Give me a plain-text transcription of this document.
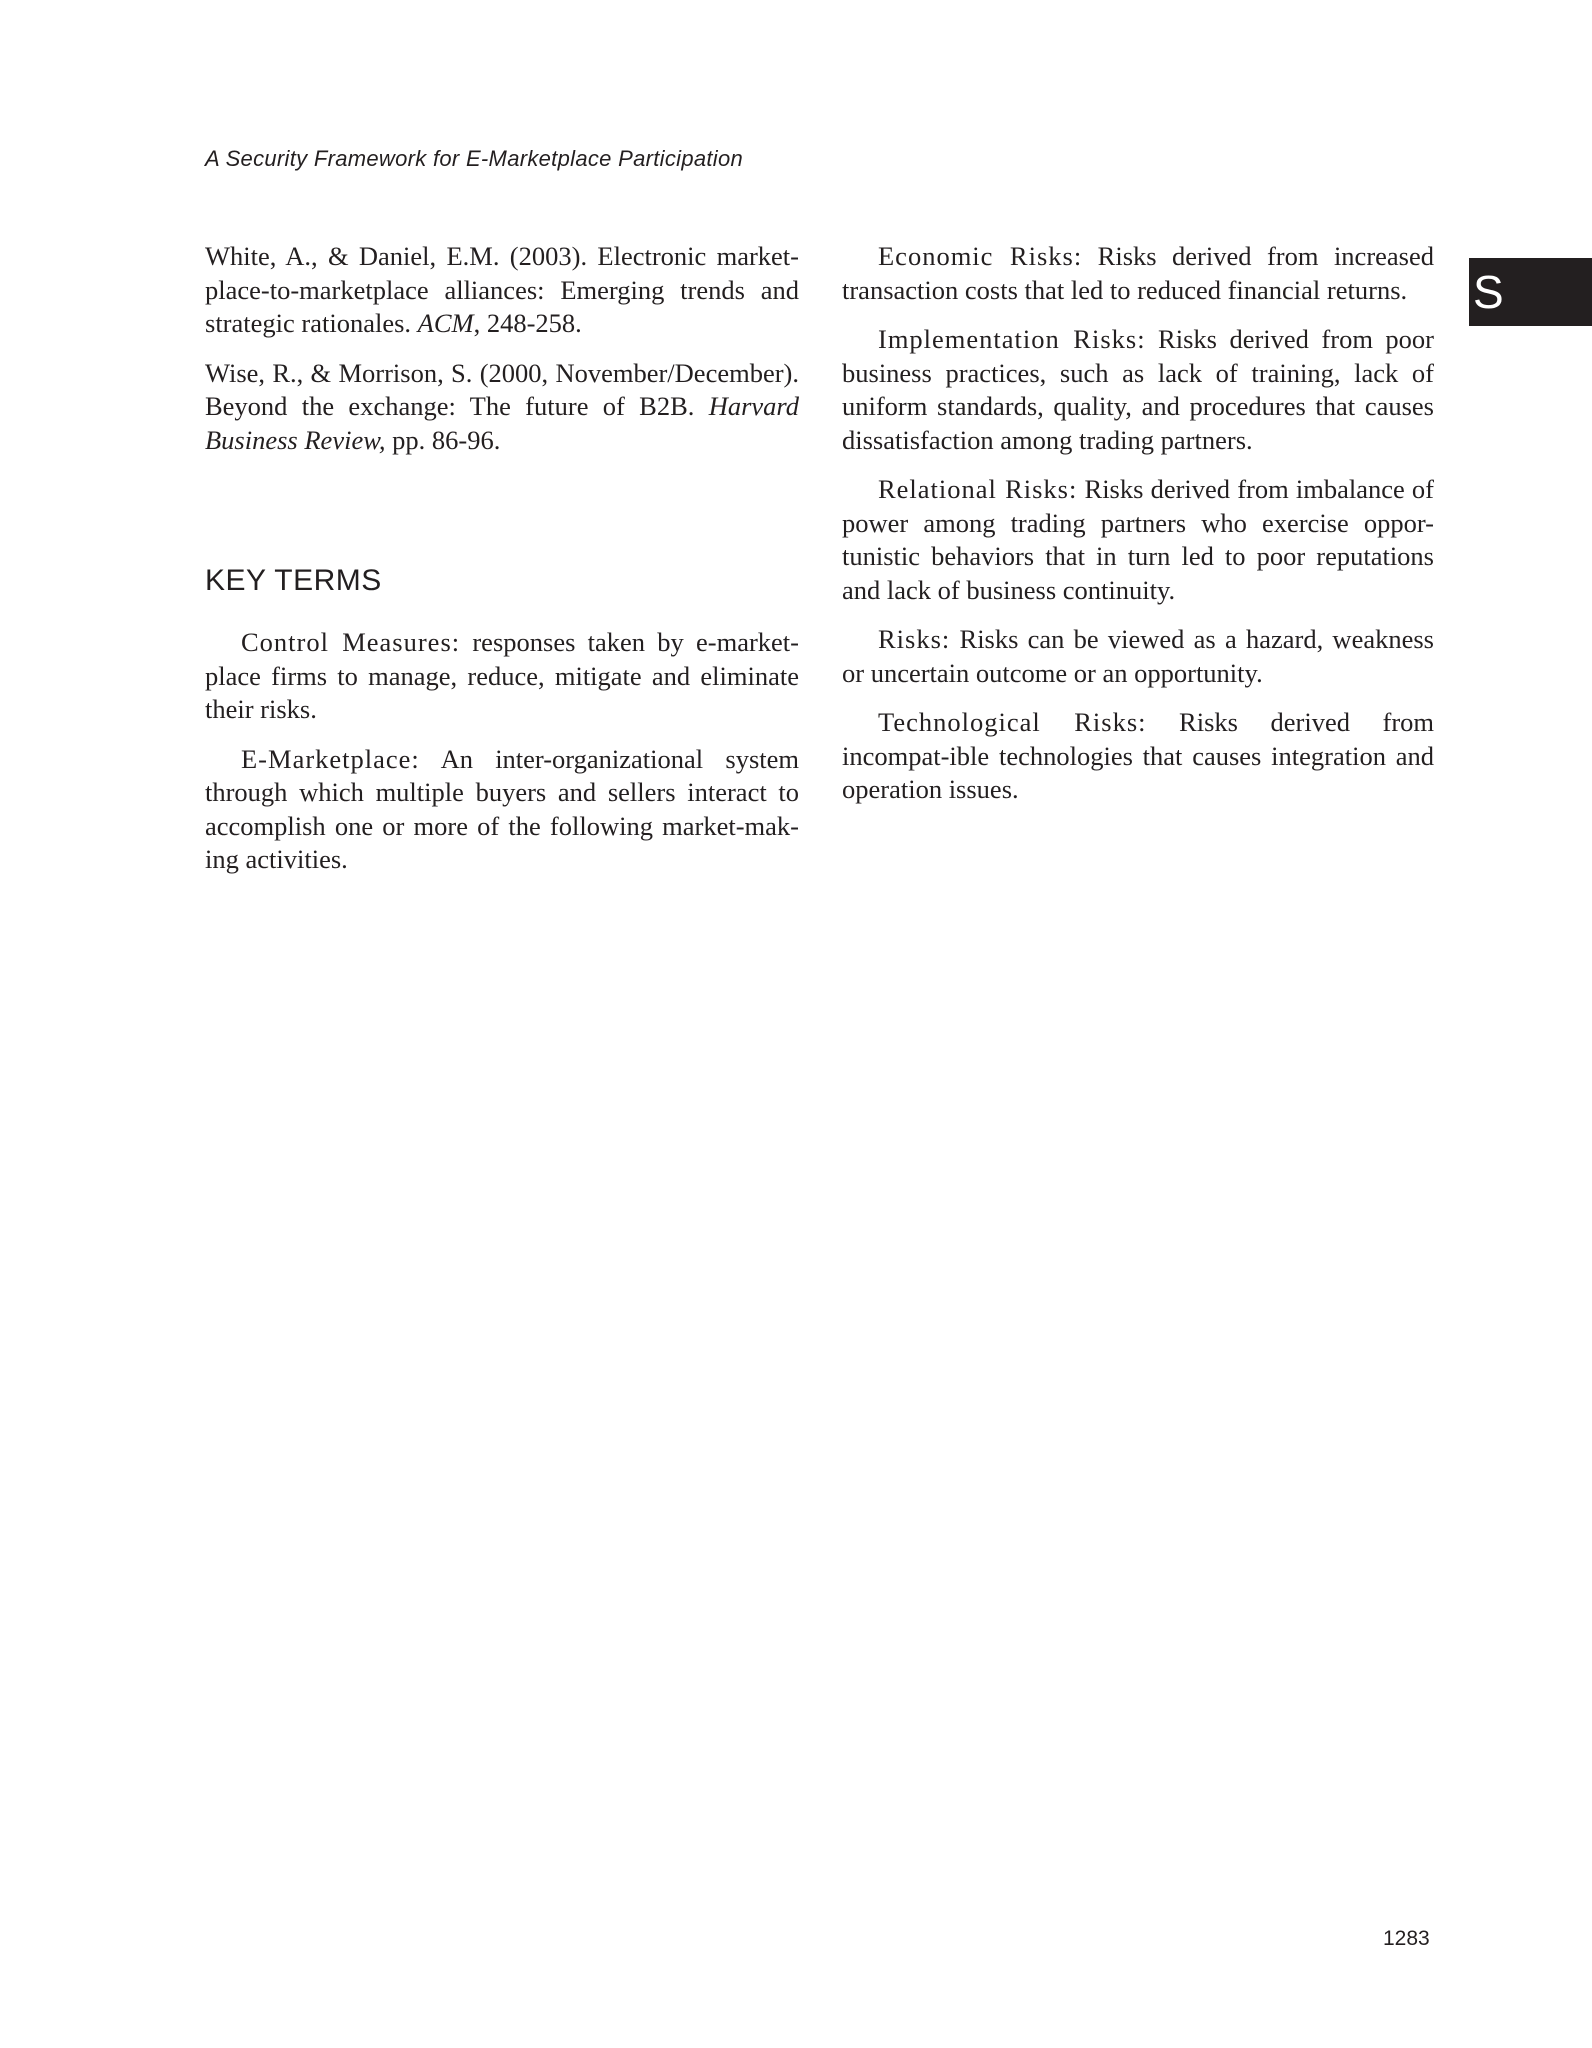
A Security Framework for E-Marketplace Participation
S

White, A., & Daniel, E.M. (2003). Electronic market-place-to-marketplace alliances: Emerging trends and strategic rationales. ACM, 248-258.

Wise, R., & Morrison, S. (2000, November/December). Beyond the exchange: The future of B2B. Harvard Business Review, pp. 86-96.

KEY TERMS

Control Measures: responses taken by e-market-place firms to manage, reduce, mitigate and eliminate their risks.

E-Marketplace: An inter-organizational system through which multiple buyers and sellers interact to accomplish one or more of the following market-mak-ing activities.

Economic Risks: Risks derived from increased transaction costs that led to reduced financial returns.

Implementation Risks: Risks derived from poor business practices, such as lack of training, lack of uniform standards, quality, and procedures that causes dissatisfaction among trading partners.

Relational Risks: Risks derived from imbalance of power among trading partners who exercise oppor-tunistic behaviors that in turn led to poor reputations and lack of business continuity.

Risks: Risks can be viewed as a hazard, weakness or uncertain outcome or an opportunity.

Technological Risks: Risks derived from incompat-ible technologies that causes integration and operation issues.

1283
